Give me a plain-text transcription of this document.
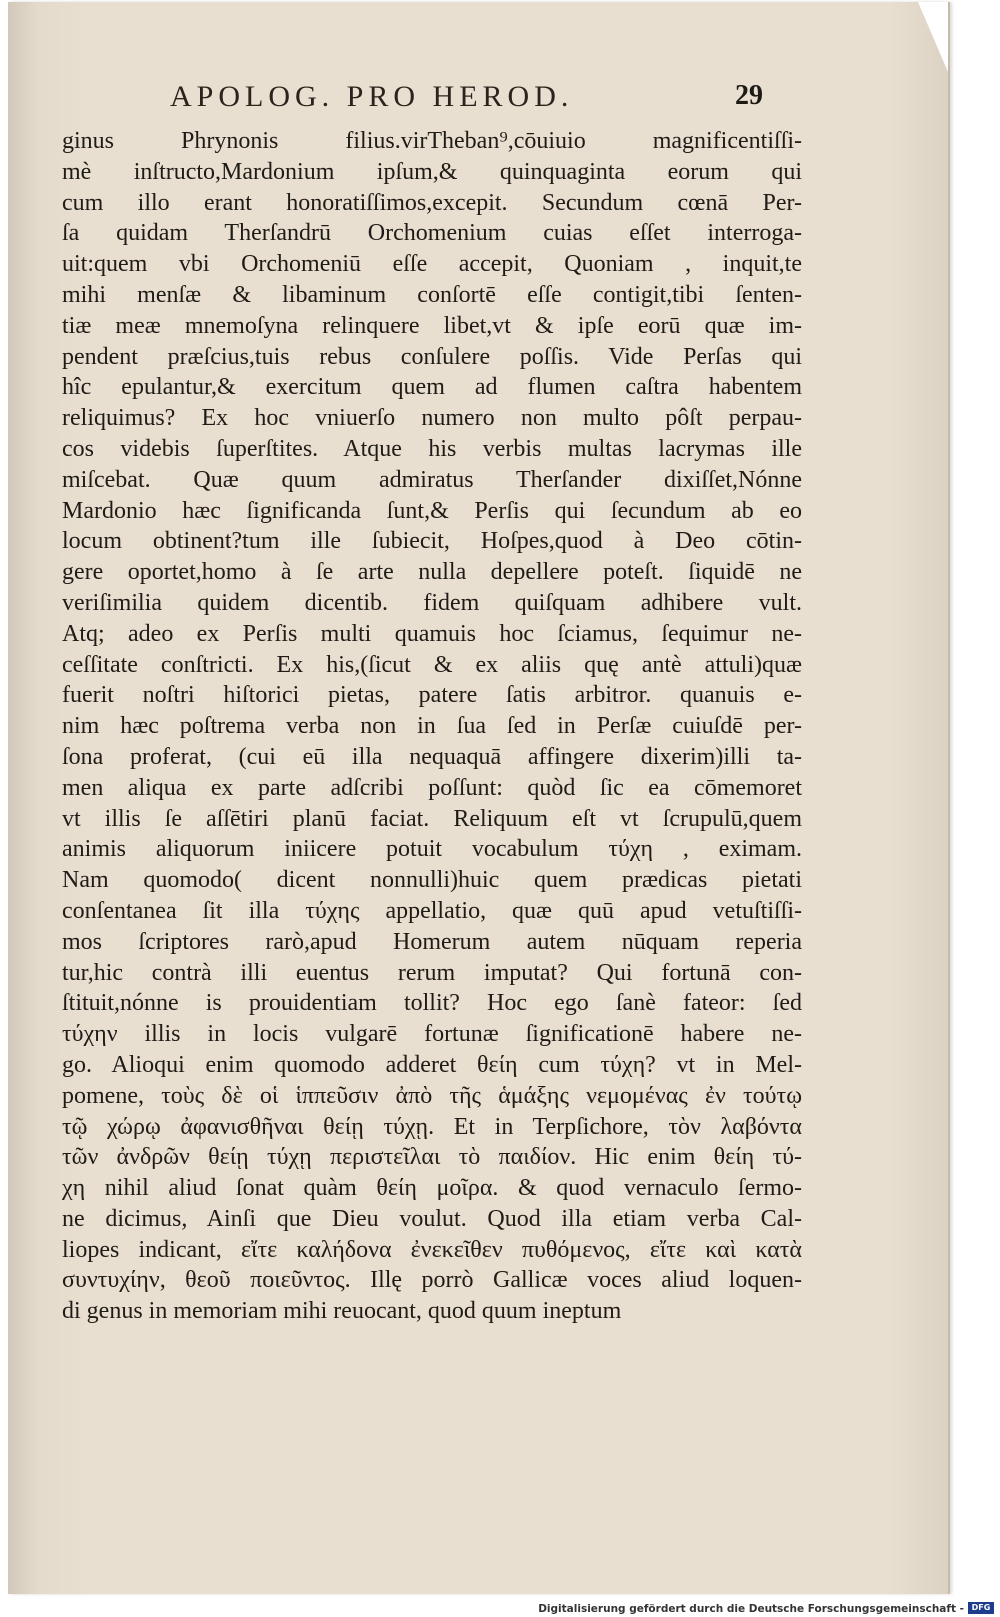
APOLOG. PRO HEROD.	29
ginus Phrynonis filius.virTheban⁹,cōuiuio magnificentiſſi-
mè inſtructo,Mardonium ipſum,& quinquaginta eorum qui
cum illo erant honoratiſſimos,excepit. Secundum cœnā Per-
ſa quidam Therſandrū Orchomenium cuias eſſet interroga-
uit:quem vbi Orchomeniū eſſe accepit, Quoniam , inquit,te
mihi menſæ & libaminum conſortē eſſe contigit,tibi ſenten-
tiæ meæ mnemoſyna relinquere libet,vt & ipſe eorū quæ im-
pendent præſcius,tuis rebus conſulere poſſis. Vide Perſas qui
hîc epulantur,& exercitum quem ad flumen caſtra habentem
reliquimus? Ex hoc vniuerſo numero non multo pôſt perpau-
cos videbis ſuperſtites. Atque his verbis multas lacrymas ille
miſcebat. Quæ quum admiratus Therſander dixiſſet,Nónne
Mardonio hæc ſignificanda ſunt,& Perſis qui ſecundum ab eo
locum obtinent?tum ille ſubiecit, Hoſpes,quod à Deo cōtin-
gere oportet,homo à ſe arte nulla depellere poteſt. ſiquidē ne
veriſimilia quidem dicentib. fidem quiſquam adhibere vult.
Atq; adeo ex Perſis multi quamuis hoc ſciamus, ſequimur ne-
ceſſitate conſtricti. Ex his,(ſicut & ex aliis quę antè attuli)quæ
fuerit noſtri hiſtorici pietas, patere ſatis arbitror. quanuis e-
nim hæc poſtrema verba non in ſua ſed in Perſæ cuiuſdē per-
ſona proferat, (cui eū illa nequaquā affingere dixerim)illi ta-
men aliqua ex parte adſcribi poſſunt: quòd ſic ea cōmemoret
vt illis ſe aſſētiri planū faciat. Reliquum eſt vt ſcrupulū,quem
animis aliquorum iniicere potuit vocabulum τύχη , eximam.
Nam quomodo( dicent nonnulli)huic quem prædicas pietati
conſentanea ſit illa τύχης appellatio, quæ quū apud vetuſtiſſi-
mos ſcriptores rarò,apud Homerum autem nūquam reperia
tur,hic contrà illi euentus rerum imputat? Qui fortunā con-
ſtituit,nónne is prouidentiam tollit? Hoc ego ſanè fateor: ſed
τύχην illis in locis vulgarē fortunæ ſignificationē habere ne-
go. Alioqui enim quomodo adderet θείη cum τύχη? vt in Mel-
pomene, τοὺς δὲ οἱ ἱππεῦσιν ἀπὸ τῆς ἁμάξης νεμομένας ἐν τούτῳ
τῷ χώρῳ ἀφανισθῆναι θείῃ τύχῃ. Et in Terpſichore, τὸν λαβόντα
τῶν ἀνδρῶν θείῃ τύχῃ περιστεῖλαι τὸ παιδίον. Hic enim θείη τύ-
χη nihil aliud ſonat quàm θείη μοῖρα. & quod vernaculo ſermo-
ne dicimus, Ainſi que Dieu voulut. Quod illa etiam verba Cal-
liopes indicant, εἴτε καλήδονα ἐνεκεῖθεν πυθόμενος, εἴτε καὶ κατὰ
συντυχίην, θεοῦ ποιεῦντος. Illę porrò Gallicæ voces aliud loquen-
di genus in memoriam mihi reuocant, quod quum ineptum
Digitalisierung gefördert durch die Deutsche Forschungsgemeinschaft - DFG
